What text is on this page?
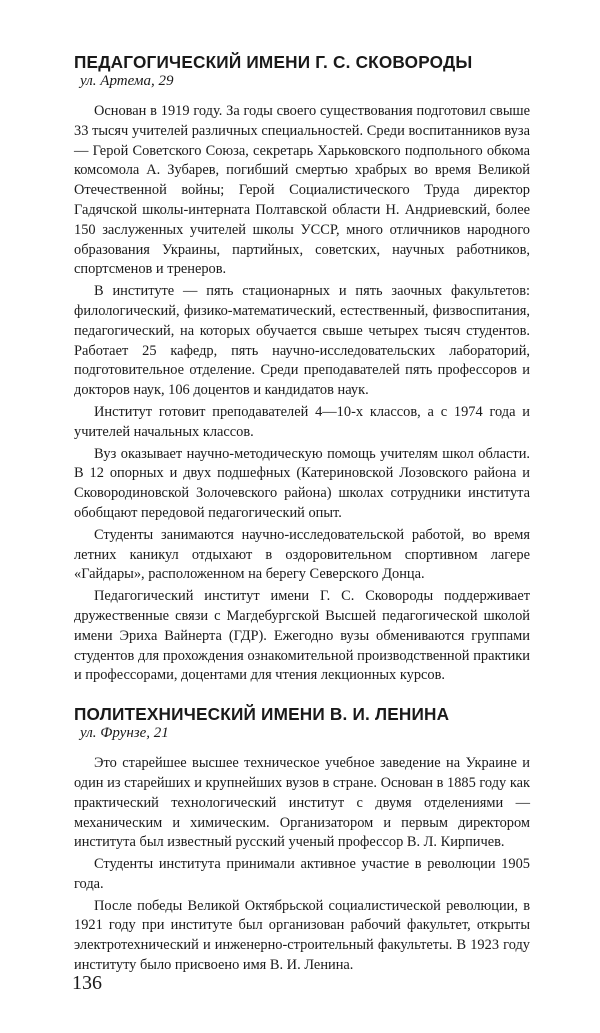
ПЕДАГОГИЧЕСКИЙ ИМЕНИ Г. С. СКОВОРОДЫ
ул. Артема, 29

Основан в 1919 году. За годы своего существования подготовил свыше 33 тысяч учителей различных специальностей. Среди воспитанников вуза — Герой Советского Союза, секретарь Харьковского подпольного обкома комсомола А. Зубарев, погибший смертью храбрых во время Великой Отечественной войны; Герой Социалистического Труда директор Гадячской школы-интерната Полтавской области Н. Андриевский, более 150 заслуженных учителей школы УССР, много отличников народного образования Украины, партийных, советских, научных работников, спортсменов и тренеров.

В институте — пять стационарных и пять заочных факультетов: филологический, физико-математический, естественный, физвоспитания, педагогический, на которых обучается свыше четырех тысяч студентов. Работает 25 кафедр, пять научно-исследовательских лабораторий, подготовительное отделение. Среди преподавателей пять профессоров и докторов наук, 106 доцентов и кандидатов наук.

Институт готовит преподавателей 4—10-х классов, а с 1974 года и учителей начальных классов.

Вуз оказывает научно-методическую помощь учителям школ области. В 12 опорных и двух подшефных (Катериновской Лозовского района и Сковородиновской Золочевского района) школах сотрудники института обобщают передовой педагогический опыт.

Студенты занимаются научно-исследовательской работой, во время летних каникул отдыхают в оздоровительном спортивном лагере «Гайдары», расположенном на берегу Северского Донца.

Педагогический институт имени Г. С. Сковороды поддерживает дружественные связи с Магдебургской Высшей педагогической школой имени Эриха Вайнерта (ГДР). Ежегодно вузы обмениваются группами студентов для прохождения ознакомительной производственной практики и профессорами, доцентами для чтения лекционных курсов.

ПОЛИТЕХНИЧЕСКИЙ ИМЕНИ В. И. ЛЕНИНА
ул. Фрунзе, 21

Это старейшее высшее техническое учебное заведение на Украине и один из старейших и крупнейших вузов в стране. Основан в 1885 году как практический технологический институт с двумя отделениями — механическим и химическим. Организатором и первым директором института был известный русский ученый профессор В. Л. Кирпичев.

Студенты института принимали активное участие в революции 1905 года.

После победы Великой Октябрьской социалистической революции, в 1921 году при институте был организован рабочий факультет, открыты электротехнический и инженерно-строительный факультеты. В 1923 году институту было присвоено имя В. И. Ленина.

136
